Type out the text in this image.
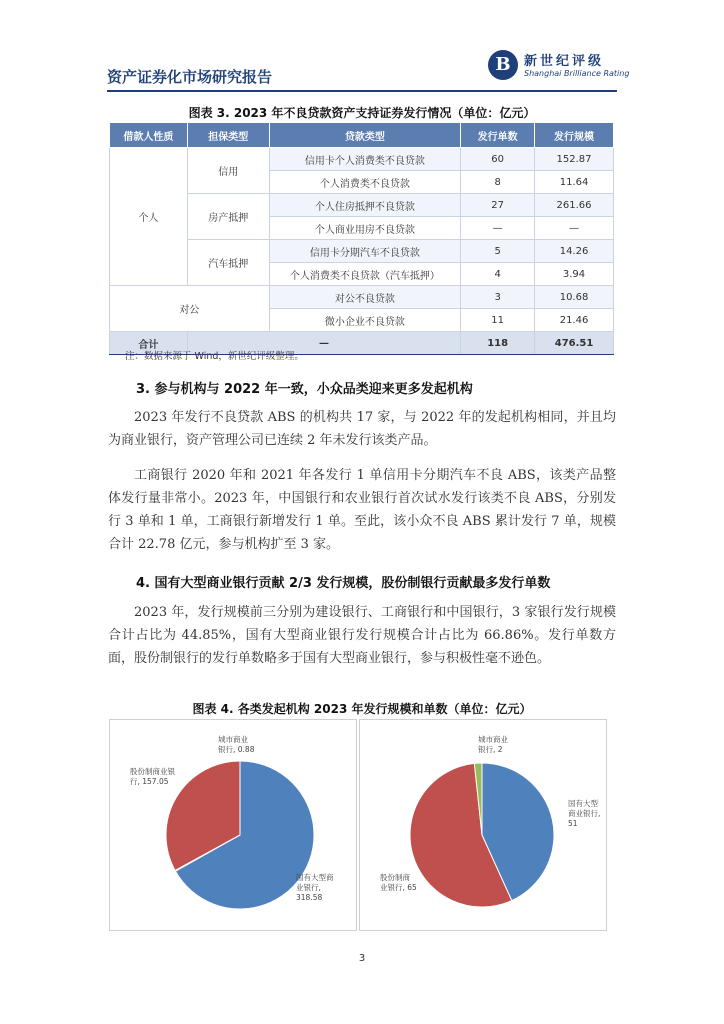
资产证券化市场研究报告
B	新世纪评级
Shanghai Brilliance Rating
图表 3. 2023 年不良贷款资产支持证券发行情况（单位：亿元）
借款人性质	担保类型	贷款类型	发行单数	发行规模
个人	信用	信用卡个人消费类不良贷款	60	152.87
		个人消费类不良贷款	8	11.64
	房产抵押	个人住房抵押不良贷款	27	261.66
		个人商业用房不良贷款	—	—
	汽车抵押	信用卡分期汽车不良贷款	5	14.26
		个人消费类不良贷款（汽车抵押）	4	3.94
对公		对公不良贷款	3	10.68
		微小企业不良贷款	11	21.46
合计	—		118	476.51
注：数据来源于 Wind，新世纪评级整理。
3. 参与机构与 2022 年一致，小众品类迎来更多发起机构
2023 年发行不良贷款 ABS 的机构共 17 家，与 2022 年的发起机构相同，并且均为商业银行，资产管理公司已连续 2 年未发行该类产品。
工商银行 2020 年和 2021 年各发行 1 单信用卡分期汽车不良 ABS，该类产品整体发行量非常小。2023 年，中国银行和农业银行首次试水发行该类不良 ABS，分别发行 3 单和 1 单，工商银行新增发行 1 单。至此，该小众不良 ABS 累计发行 7 单，规模合计 22.78 亿元，参与机构扩至 3 家。
4. 国有大型商业银行贡献 2/3 发行规模，股份制银行贡献最多发行单数
2023 年，发行规模前三分别为建设银行、工商银行和中国银行，3 家银行发行规模合计占比为 44.85%，国有大型商业银行发行规模合计占比为 66.86%。发行单数方面，股份制银行的发行单数略多于国有大型商业银行，参与积极性毫不逊色。
图表 4. 各类发起机构 2023 年发行规模和单数（单位：亿元）
国有大型商业银行, 318.58
城市商业银行, 0.88
股份制商业银行, 157.05
国有大型商业银行, 51
股份制商业银行, 65
城市商业银行, 2
3
